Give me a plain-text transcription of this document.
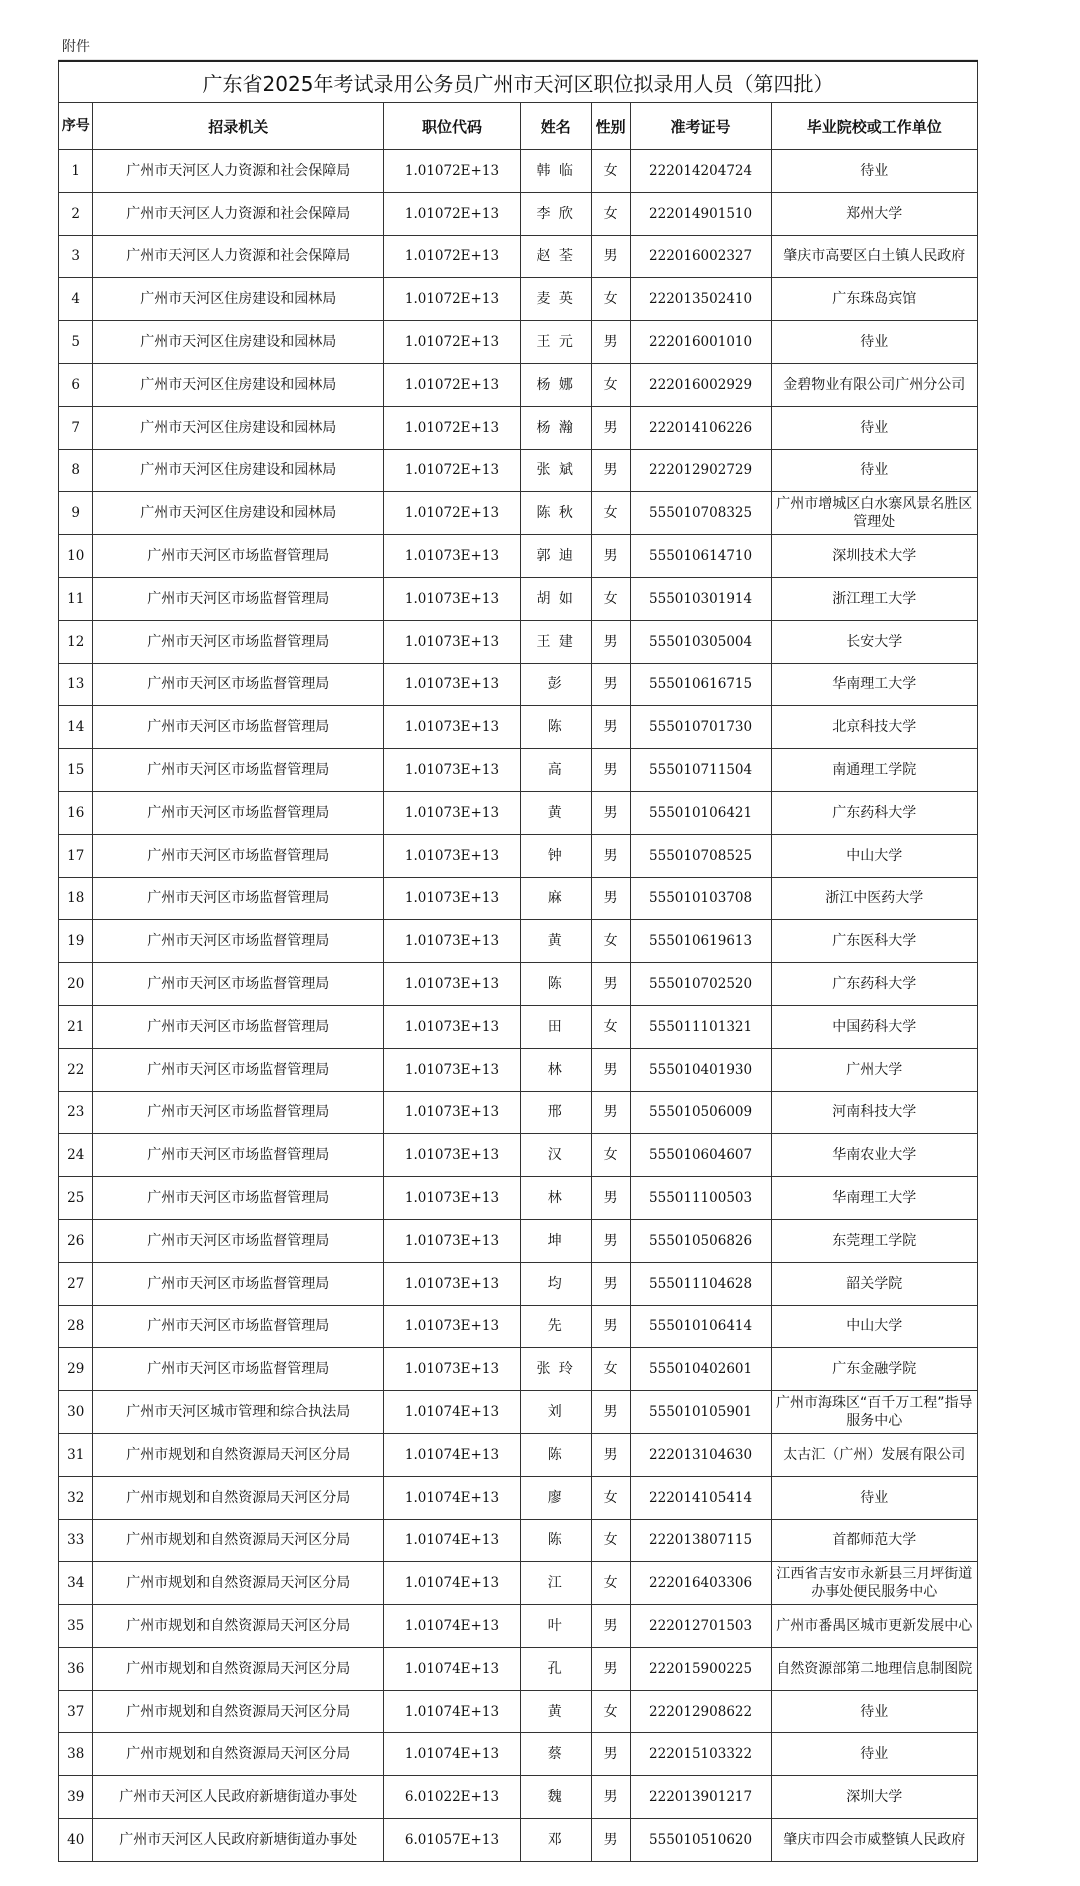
附件
广东省2025年考试录用公务员广州市天河区职位拟录用人员（第四批）						
序号	招录机关	职位代码	姓名	性别	准考证号	毕业院校或工作单位
1	广州市天河区人力资源和社会保障局	1.01072E+13	韩 临	女	222014204724	待业
2	广州市天河区人力资源和社会保障局	1.01072E+13	李 欣	女	222014901510	郑州大学
3	广州市天河区人力资源和社会保障局	1.01072E+13	赵 荃	男	222016002327	肇庆市高要区白土镇人民政府
4	广州市天河区住房建设和园林局	1.01072E+13	麦 英	女	222013502410	广东珠岛宾馆
5	广州市天河区住房建设和园林局	1.01072E+13	王 元	男	222016001010	待业
6	广州市天河区住房建设和园林局	1.01072E+13	杨 娜	女	222016002929	金碧物业有限公司广州分公司
7	广州市天河区住房建设和园林局	1.01072E+13	杨 瀚	男	222014106226	待业
8	广州市天河区住房建设和园林局	1.01072E+13	张 斌	男	222012902729	待业
9	广州市天河区住房建设和园林局	1.01072E+13	陈 秋	女	555010708325	广州市增城区白水寨风景名胜区管理处
10	广州市天河区市场监督管理局	1.01073E+13	郭 迪	男	555010614710	深圳技术大学
11	广州市天河区市场监督管理局	1.01073E+13	胡 如	女	555010301914	浙江理工大学
12	广州市天河区市场监督管理局	1.01073E+13	王 建	男	555010305004	长安大学
13	广州市天河区市场监督管理局	1.01073E+13	彭	男	555010616715	华南理工大学
14	广州市天河区市场监督管理局	1.01073E+13	陈	男	555010701730	北京科技大学
15	广州市天河区市场监督管理局	1.01073E+13	高	男	555010711504	南通理工学院
16	广州市天河区市场监督管理局	1.01073E+13	黄	男	555010106421	广东药科大学
17	广州市天河区市场监督管理局	1.01073E+13	钟	男	555010708525	中山大学
18	广州市天河区市场监督管理局	1.01073E+13	麻	男	555010103708	浙江中医药大学
19	广州市天河区市场监督管理局	1.01073E+13	黄	女	555010619613	广东医科大学
20	广州市天河区市场监督管理局	1.01073E+13	陈	男	555010702520	广东药科大学
21	广州市天河区市场监督管理局	1.01073E+13	田	女	555011101321	中国药科大学
22	广州市天河区市场监督管理局	1.01073E+13	林	男	555010401930	广州大学
23	广州市天河区市场监督管理局	1.01073E+13	邢	男	555010506009	河南科技大学
24	广州市天河区市场监督管理局	1.01073E+13	汉	女	555010604607	华南农业大学
25	广州市天河区市场监督管理局	1.01073E+13	林	男	555011100503	华南理工大学
26	广州市天河区市场监督管理局	1.01073E+13	坤	男	555010506826	东莞理工学院
27	广州市天河区市场监督管理局	1.01073E+13	均	男	555011104628	韶关学院
28	广州市天河区市场监督管理局	1.01073E+13	先	男	555010106414	中山大学
29	广州市天河区市场监督管理局	1.01073E+13	张 玲	女	555010402601	广东金融学院
30	广州市天河区城市管理和综合执法局	1.01074E+13	刘	男	555010105901	广州市海珠区“百千万工程”指导服务中心
31	广州市规划和自然资源局天河区分局	1.01074E+13	陈	男	222013104630	太古汇（广州）发展有限公司
32	广州市规划和自然资源局天河区分局	1.01074E+13	廖	女	222014105414	待业
33	广州市规划和自然资源局天河区分局	1.01074E+13	陈	女	222013807115	首都师范大学
34	广州市规划和自然资源局天河区分局	1.01074E+13	江	女	222016403306	江西省吉安市永新县三月坪街道办事处便民服务中心
35	广州市规划和自然资源局天河区分局	1.01074E+13	叶	男	222012701503	广州市番禺区城市更新发展中心
36	广州市规划和自然资源局天河区分局	1.01074E+13	孔	男	222015900225	自然资源部第二地理信息制图院
37	广州市规划和自然资源局天河区分局	1.01074E+13	黄	女	222012908622	待业
38	广州市规划和自然资源局天河区分局	1.01074E+13	蔡	男	222015103322	待业
39	广州市天河区人民政府新塘街道办事处	6.01022E+13	魏	男	222013901217	深圳大学
40	广州市天河区人民政府新塘街道办事处	6.01057E+13	邓	男	555010510620	肇庆市四会市威整镇人民政府
